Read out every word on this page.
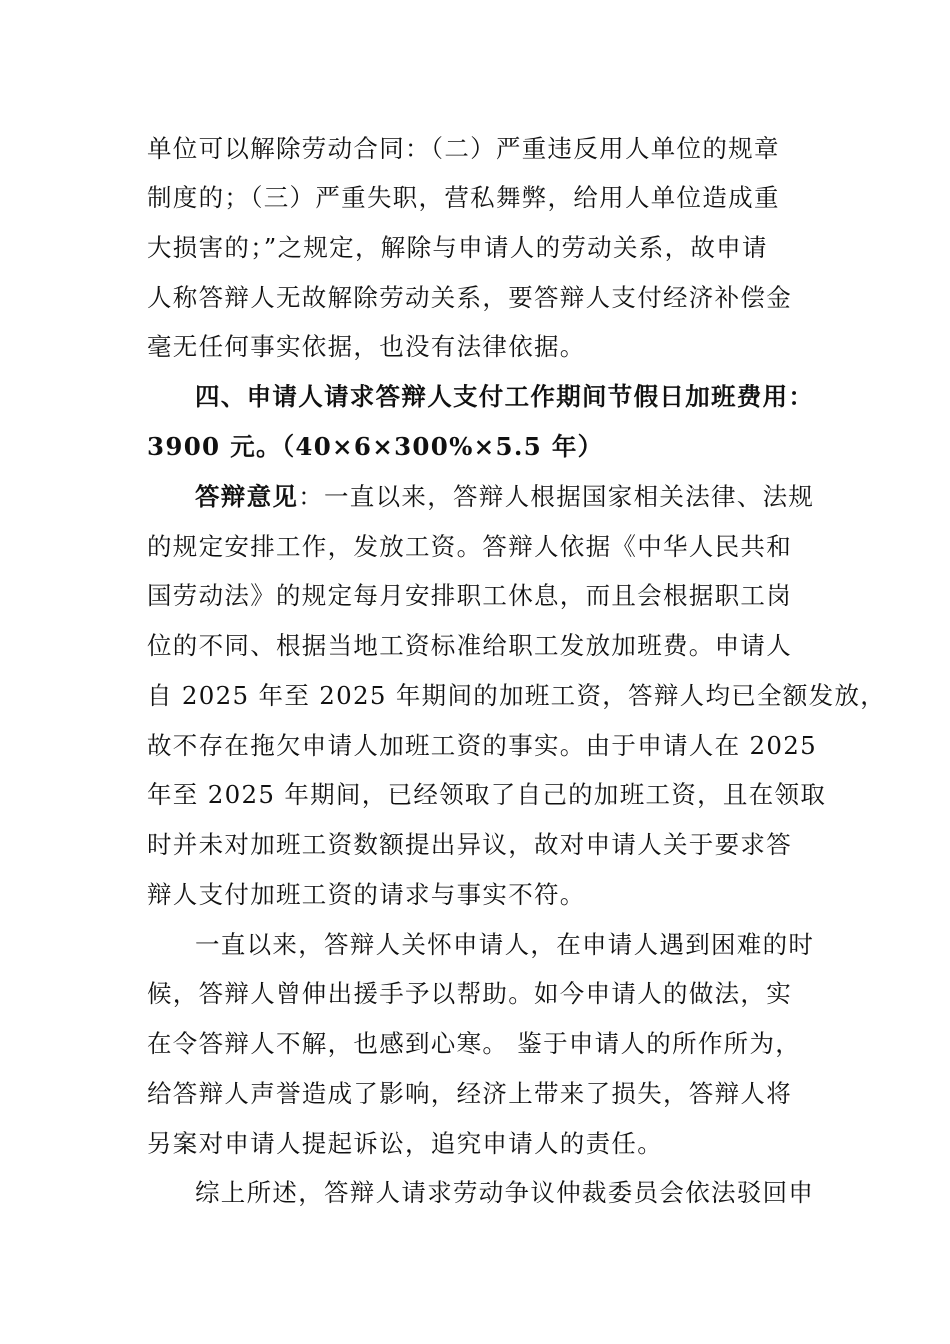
单位可以解除劳动合同：（二）严重违反用人单位的规章
制度的；（三）严重失职，营私舞弊，给用人单位造成重
大损害的；”之规定，解除与申请人的劳动关系，故申请
人称答辩人无故解除劳动关系，要答辩人支付经济补偿金
毫无任何事实依据，也没有法律依据。
四、申请人请求答辩人支付工作期间节假日加班费用：
3900 元。（40×6×300%×5.5 年）
答辩意见：一直以来，答辩人根据国家相关法律、法规
的规定安排工作，发放工资。答辩人依据《中华人民共和
国劳动法》的规定每月安排职工休息，而且会根据职工岗
位的不同、根据当地工资标准给职工发放加班费。申请人
自 2025 年至 2025 年期间的加班工资，答辩人均已全额发放，
故不存在拖欠申请人加班工资的事实。由于申请人在 2025
年至 2025 年期间，已经领取了自己的加班工资，且在领取
时并未对加班工资数额提出异议，故对申请人关于要求答
辩人支付加班工资的请求与事实不符。
一直以来，答辩人关怀申请人，在申请人遇到困难的时
候，答辩人曾伸出援手予以帮助。如今申请人的做法，实
在令答辩人不解，也感到心寒。 鉴于申请人的所作所为，
给答辩人声誉造成了影响，经济上带来了损失，答辩人将
另案对申请人提起诉讼，追究申请人的责任。
综上所述，答辩人请求劳动争议仲裁委员会依法驳回申
